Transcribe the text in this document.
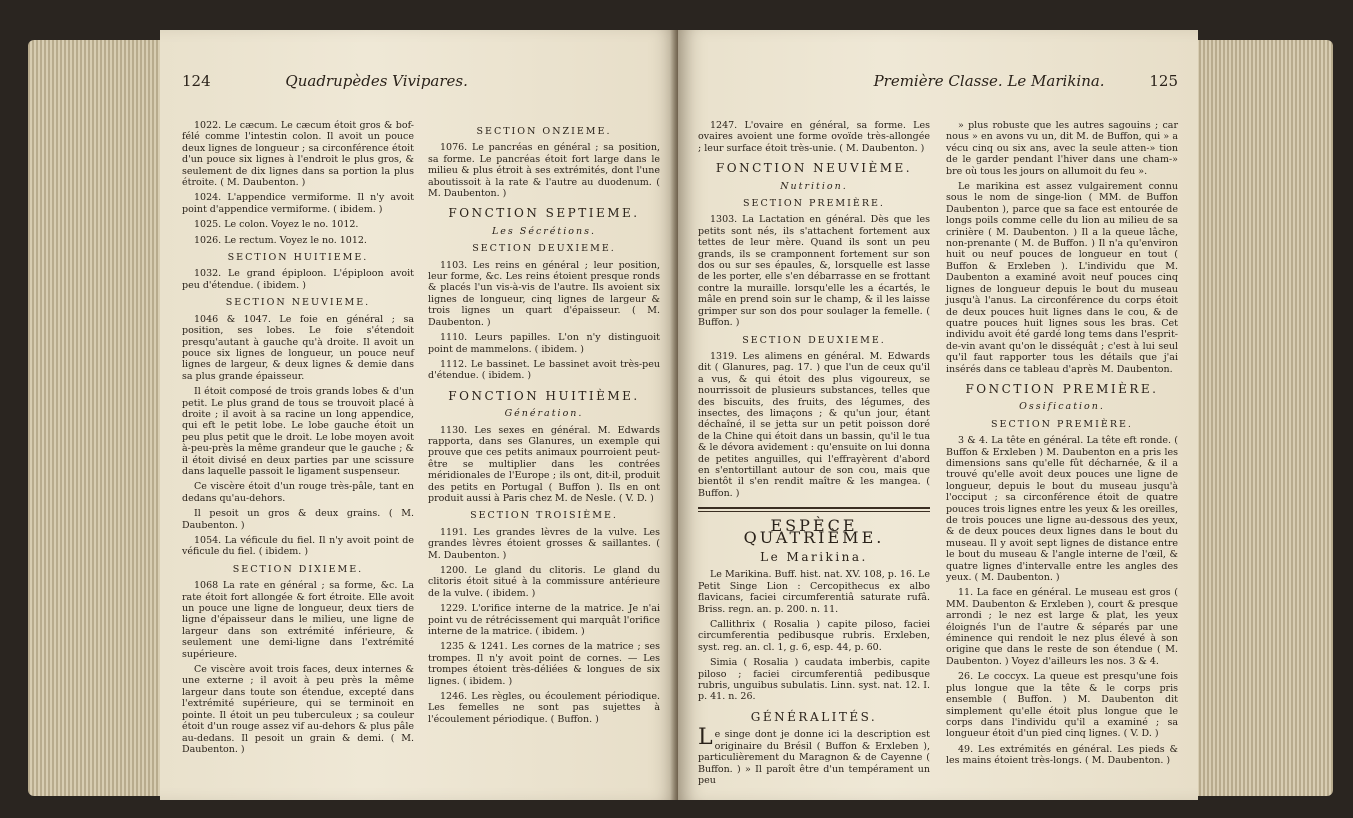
124	Quadrupèdes Vivipares.

1022. Le cæcum. Le cæcum étoit gros & bof-félé comme l'intestin colon. Il avoit un pouce deux lignes de longueur ; sa circonférence étoit d'un pouce six lignes à l'endroit le plus gros, & seulement de dix lignes dans sa portion la plus étroite. ( M. Daubenton. )

1024. L'appendice vermiforme. Il n'y avoit point d'appendice vermiforme. ( ibidem. )

1025. Le colon. Voyez le no. 1012.

1026. Le rectum. Voyez le no. 1012.

SECTION HUITIEME.

1032. Le grand épiploon. L'épiploon avoit peu d'étendue. ( ibidem. )

SECTION NEUVIEME.

1046 & 1047. Le foie en général ; sa position, ses lobes. Le foie s'étendoit presqu'autant à gauche qu'à droite. Il avoit un pouce six lignes de longueur, un pouce neuf lignes de largeur, & deux lignes & demie dans sa plus grande épaisseur.

Il étoit composé de trois grands lobes & d'un petit. Le plus grand de tous se trouvoit placé à droite ; il avoit à sa racine un long appendice, qui eft le petit lobe. Le lobe gauche étoit un peu plus petit que le droit. Le lobe moyen avoit à-peu-près la même grandeur que le gauche ; & il étoit divisé en deux parties par une scissure dans laquelle passoit le ligament suspenseur.

Ce viscère étoit d'un rouge très-pâle, tant en dedans qu'au-dehors.

Il pesoit un gros & deux grains. ( M. Daubenton. )

1054. La véficule du fiel. Il n'y avoit point de véficule du fiel. ( ibidem. )

SECTION DIXIEME.

1068 La rate en général ; sa forme, &c. La rate étoit fort allongée & fort étroite. Elle avoit un pouce une ligne de longueur, deux tiers de ligne d'épaisseur dans le milieu, une ligne de largeur dans son extrémité inférieure, & seulement une demi-ligne dans l'extrémité supérieure.

Ce viscère avoit trois faces, deux internes & une externe ; il avoit à peu près la même largeur dans toute son étendue, excepté dans l'extrémité supérieure, qui se terminoit en pointe. Il étoit un peu tuberculeux ; sa couleur étoit d'un rouge assez vif au-dehors & plus pâle au-dedans. Il pesoit un grain & demi. ( M. Daubenton. )

SECTION ONZIEME.

1076. Le pancréas en général ; sa position, sa forme. Le pancréas étoit fort large dans le milieu & plus étroit à ses extrémités, dont l'une aboutissoit à la rate & l'autre au duodenum. ( M. Daubenton. )

FONCTION SEPTIEME.

Les Sécrétions.

SECTION DEUXIEME.

1103. Les reins en général ; leur position, leur forme, &c. Les reins étoient presque ronds & placés l'un vis-à-vis de l'autre. Ils avoient six lignes de longueur, cinq lignes de largeur & trois lignes un quart d'épaisseur. ( M. Daubenton. )

1110. Leurs papilles. L'on n'y distinguoit point de mammelons. ( ibidem. )

1112. Le bassinet. Le bassinet avoit très-peu d'étendue. ( ibidem. )

FONCTION HUITIÈME.

Génération.

1130. Les sexes en général. M. Edwards rapporta, dans ses Glanures, un exemple qui prouve que ces petits animaux pourroient peut-être se multiplier dans les contrées méridionales de l'Europe ; ils ont, dit-il, produit des petits en Portugal ( Buffon ). Ils en ont produit aussi à Paris chez M. de Nesle. ( V. D. )

SECTION TROISIÈME.

1191. Les grandes lèvres de la vulve. Les grandes lèvres étoient grosses & saillantes. ( M. Daubenton. )

1200. Le gland du clitoris. Le gland du clitoris étoit situé à la commissure antérieure de la vulve. ( ibidem. )

1229. L'orifice interne de la matrice. Je n'ai point vu de rétrécissement qui marquât l'orifice interne de la matrice. ( ibidem. )

1235 & 1241. Les cornes de la matrice ; ses trompes. Il n'y avoit point de cornes. — Les trompes étoient très-déliées & longues de six lignes. ( ibidem. )

1246. Les règles, ou écoulement périodique. Les femelles ne sont pas sujettes à l'écoulement périodique. ( Buffon. )

Première Classe. Le Marikina.	125

1247. L'ovaire en général, sa forme. Les ovaires avoient une forme ovoïde très-allongée ; leur surface étoit très-unie. ( M. Daubenton. )

FONCTION NEUVIÈME.

Nutrition.

SECTION PREMIÈRE.

1303. La Lactation en général. Dès que les petits sont nés, ils s'attachent fortement aux tettes de leur mère. Quand ils sont un peu grands, ils se cramponnent fortement sur son dos ou sur ses épaules, &, lorsquelle est lasse de les porter, elle s'en débarrasse en se frottant contre la muraille. lorsqu'elle les a écartés, le mâle en prend soin sur le champ, & il les laisse grimper sur son dos pour soulager la femelle. ( Buffon. )

SECTION DEUXIEME.

1319. Les alimens en général. M. Edwards dit ( Glanures, pag. 17. ) que l'un de ceux qu'il a vus, & qui étoit des plus vigoureux, se nourrissoit de plusieurs substances, telles que des biscuits, des fruits, des légumes, des insectes, des limaçons ; & qu'un jour, étant déchaîné, il se jetta sur un petit poisson doré de la Chine qui étoit dans un bassin, qu'il le tua & le dévora avidement : qu'ensuite on lui donna de petites anguilles, qui l'effrayèrent d'abord en s'entortillant autour de son cou, mais que bientôt il s'en rendit maître & les mangea. ( Buffon. )

ESPÈCE QUATRIÈME.

Le Marikina.

Le Marikina. Buff. hist. nat. XV. 108, p. 16. Le Petit Singe Lion : Cercopithecus ex albo flavicans, faciei circumferentiâ saturate rufâ. Briss. regn. an. p. 200. n. 11.

Callithrix ( Rosalia ) capite piloso, faciei circumferentia pedibusque rubris. Erxleben, syst. reg. an. cl. 1, g. 6, esp. 44, p. 60.

Simia ( Rosalia ) caudata imberbis, capite piloso ; faciei circumferentiâ pedibusque rubris, unguibus subulatis. Linn. syst. nat. 12. I. p. 41. n. 26.

GÉNÉRALITÉS.

Le singe dont je donne ici la description est originaire du Brésil ( Buffon & Erxleben ), particulièrement du Maragnon & de Cayenne ( Buffon. ) » Il paroît être d'un tempérament un peu

» plus robuste que les autres sagouins ; car nous » en avons vu un, dit M. de Buffon, qui » a vécu cinq ou six ans, avec la seule atten-» tion de le garder pendant l'hiver dans une cham-» bre où tous les jours on allumoit du feu ».

Le marikina est assez vulgairement connu sous le nom de singe-lion ( MM. de Buffon Daubenton ), parce que sa face est entourée de longs poils comme celle du lion au milieu de sa crinière ( M. Daubenton. ) Il a la queue lâche, non-prenante ( M. de Buffon. ) Il n'a qu'environ huit ou neuf pouces de longueur en tout ( Buffon & Erxleben ). L'individu que M. Daubenton a examiné avoit neuf pouces cinq lignes de longueur depuis le bout du museau jusqu'à l'anus. La circonférence du corps étoit de deux pouces huit lignes dans le cou, & de quatre pouces huit lignes sous les bras. Cet individu avoit été gardé long tems dans l'esprit-de-vin avant qu'on le disséquât ; c'est à lui seul qu'il faut rapporter tous les détails que j'ai insérés dans ce tableau d'après M. Daubenton.

FONCTION PREMIÈRE.

Ossification.

SECTION PREMIÈRE.

3 & 4. La tête en général. La tête eft ronde. ( Buffon & Erxleben ) M. Daubenton en a pris les dimensions sans qu'elle fût décharnée, & il a trouvé qu'elle avoit deux pouces une ligne de longueur, depuis le bout du museau jusqu'à l'occiput ; sa circonférence étoit de quatre pouces trois lignes entre les yeux & les oreilles, de trois pouces une ligne au-dessous des yeux, & de deux pouces deux lignes dans le bout du museau. Il y avoit sept lignes de distance entre le bout du museau & l'angle interne de l'œil, & quatre lignes d'intervalle entre les angles des yeux. ( M. Daubenton. )

11. La face en général. Le museau est gros ( MM. Daubenton & Erxleben ), court & presque arrondi ; le nez est large & plat, les yeux éloignés l'un de l'autre & séparés par une éminence qui rendoit le nez plus élevé à son origine que dans le reste de son étendue ( M. Daubenton. ) Voyez d'ailleurs les nos. 3 & 4.

26. Le coccyx. La queue est presqu'une fois plus longue que la tête & le corps pris ensemble ( Buffon. ) M. Daubenton dit simplement qu'elle étoit plus longue que le corps dans l'individu qu'il a examiné ; sa longueur étoit d'un pied cinq lignes. ( V. D. )

49. Les extrémités en général. Les pieds & les mains étoient très-longs. ( M. Daubenton. )
